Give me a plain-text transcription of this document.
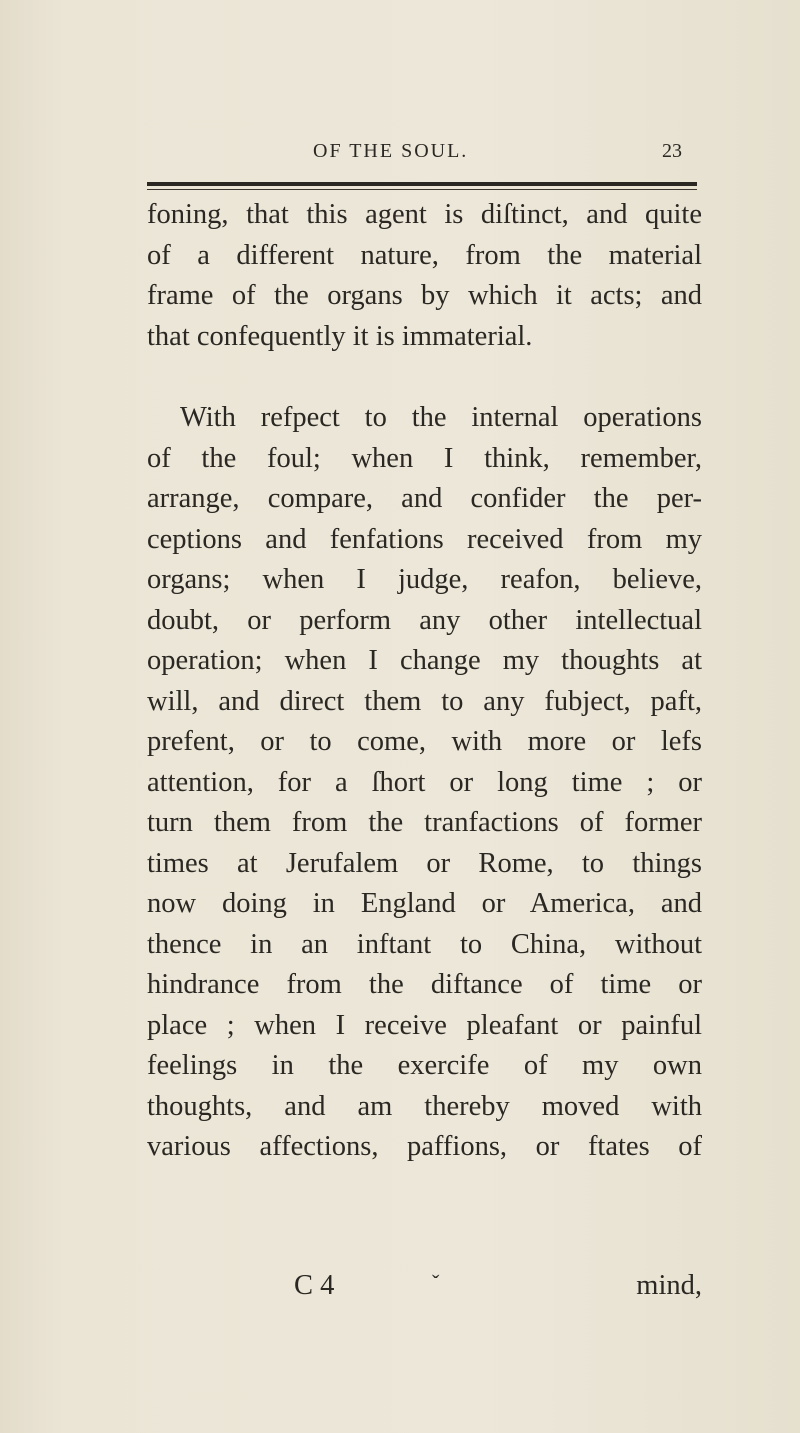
OF THE SOUL.	23
foning, that this agent is diſtinct, and quite
of a different nature, from the material
frame of the organs by which it acts; and
that confequently it is immaterial.
With refpect to the internal operations
of the foul; when I think, remember,
arrange, compare, and confider the per-
ceptions and fenfations received from my
organs; when I judge, reafon, believe,
doubt, or perform any other intellectual
operation; when I change my thoughts at
will, and direct them to any fubject, paft,
prefent, or to come, with more or lefs
attention, for a ſhort or long time ; or
turn them from the tranfactions of former
times at Jerufalem or Rome, to things
now doing in England or America, and
thence in an inftant to China, without
hindrance from the diftance of time or
place ; when I receive pleafant or painful
feelings in the exercife of my own
thoughts, and am thereby moved with
various affections, paffions, or ftates of
C 4	ˇ	mind,
